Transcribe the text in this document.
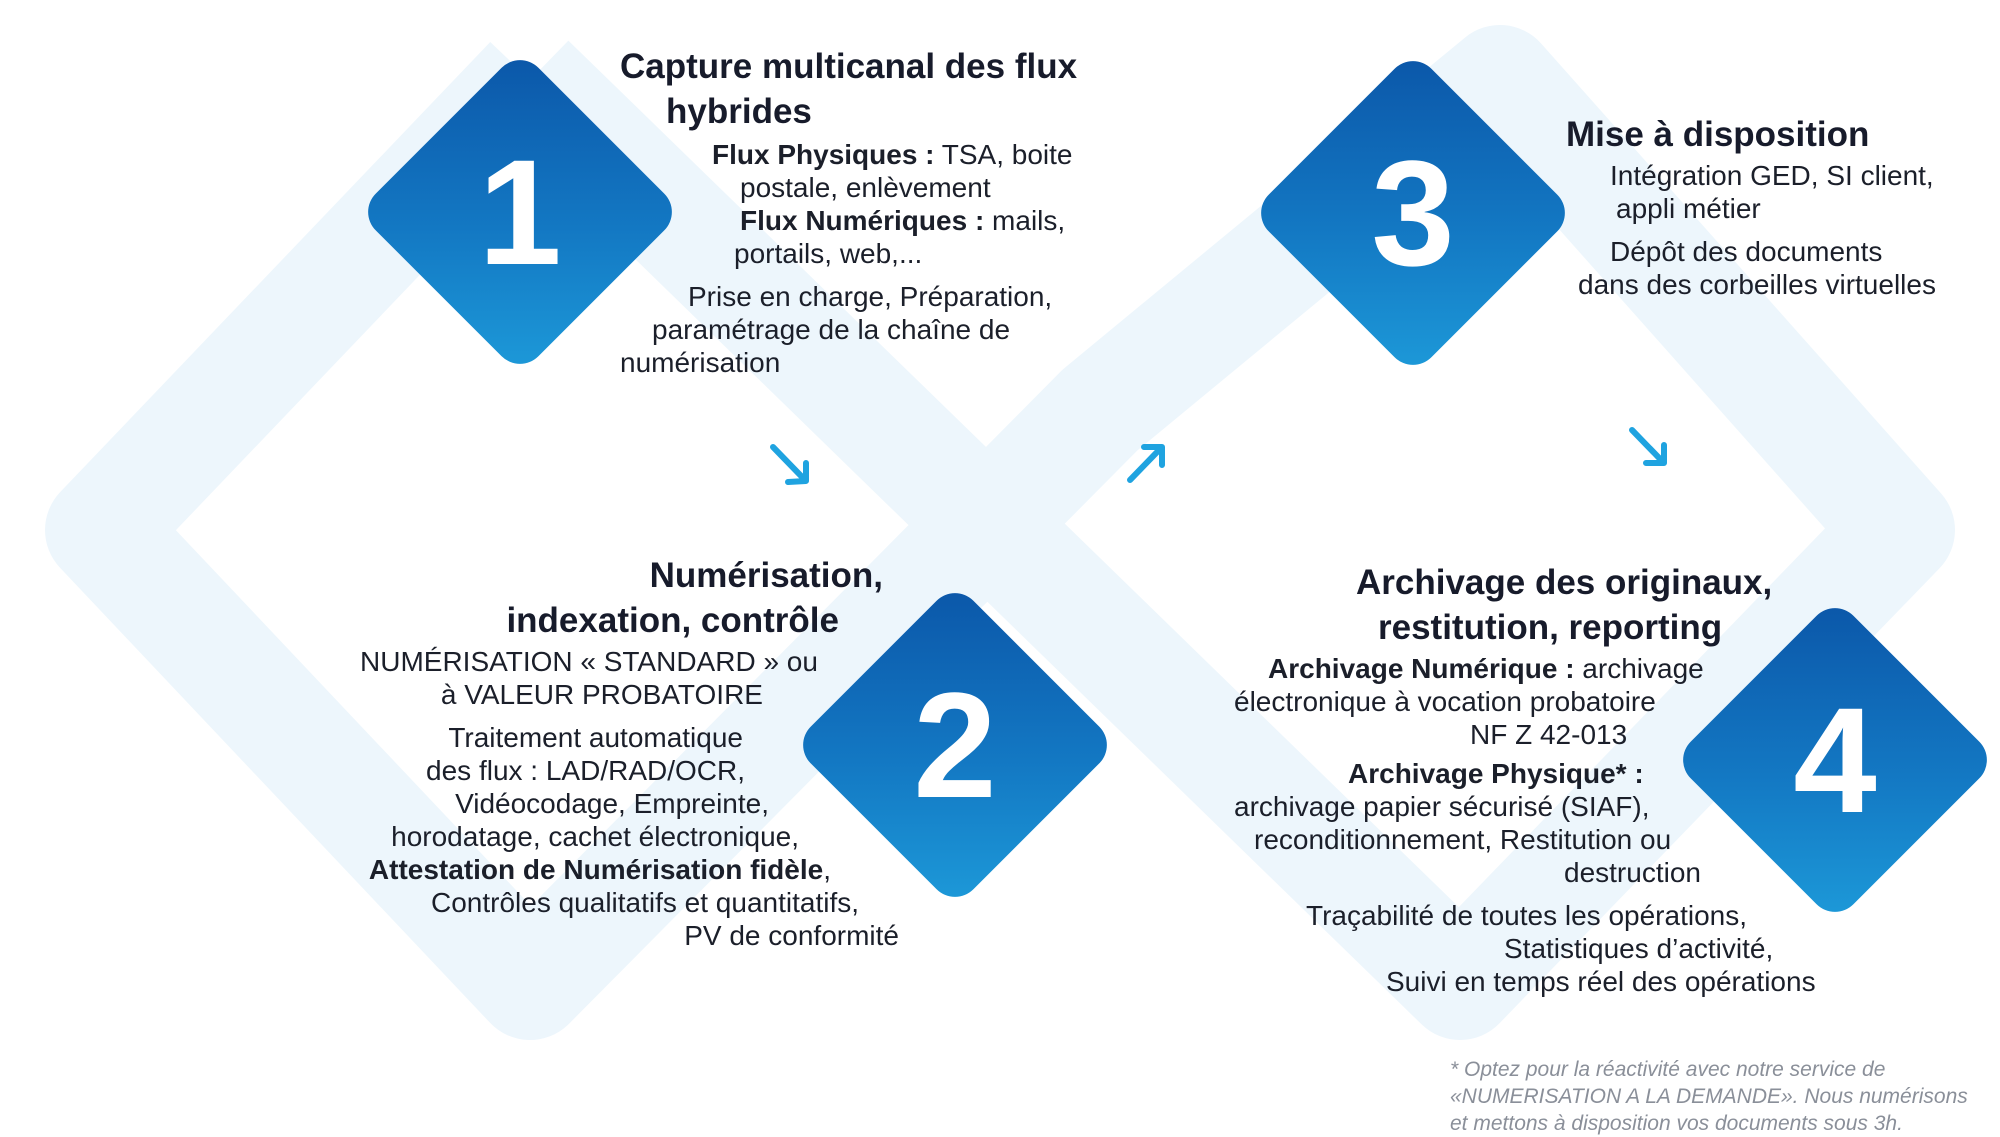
1
2
3
4
Capture multicanal des flux
hybrides
Flux Physiques : TSA, boite
postale, enlèvement
Flux Numériques : mails,
portails, web,...
Prise en charge, Préparation,
paramétrage de la chaîne de
numérisation
Numérisation,
indexation, contrôle
NUMÉRISATION « STANDARD » ou
à VALEUR PROBATOIRE
Traitement automatique
des flux : LAD/RAD/OCR,
Vidéocodage, Empreinte,
horodatage, cachet électronique,
Attestation de Numérisation fidèle,
Contrôles qualitatifs et quantitatifs,
PV de conformité
Mise à disposition
Intégration GED, SI client,
appli métier
Dépôt des documents
dans des corbeilles virtuelles
Archivage des originaux,
restitution, reporting
Archivage Numérique : archivage
électronique à vocation probatoire
NF Z 42-013
Archivage Physique* :
archivage papier sécurisé (SIAF),
reconditionnement, Restitution ou
destruction
Traçabilité de toutes les opérations,
Statistiques d’activité,
Suivi en temps réel des opérations
* Optez pour la réactivité avec notre service de
«NUMERISATION A LA DEMANDE». Nous numérisons
et mettons à disposition vos documents sous 3h.
